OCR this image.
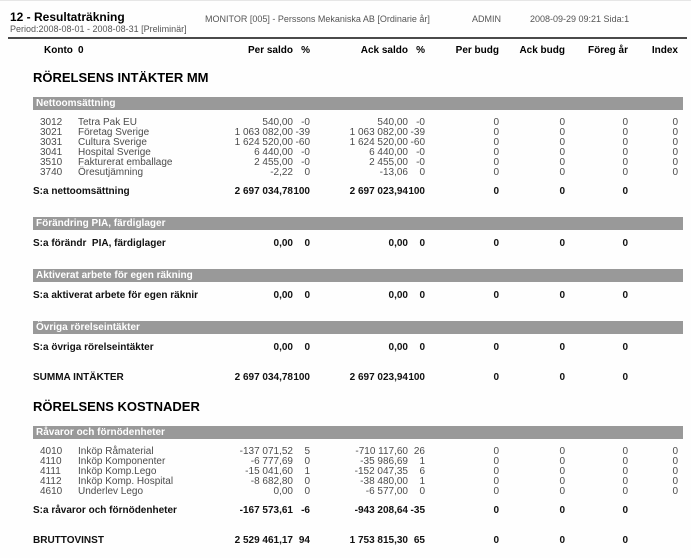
12 - Resultaträkning
Period:2008-08-01 - 2008-08-31 [Preliminär]
MONITOR [005] - Perssons Mekaniska AB [Ordinarie år]	ADMIN	2008-09-29 09:21 Sida:1
Konto 0	Per saldo %	Ack saldo %	Per budg	Ack budg	Föreg år	Index
RÖRELSENS INTÄKTER MM
Nettoomsättning
3012	Tetra Pak EU	540,00 -0	540,00 -0	0	0	0	0
3021	Företag Sverige	1 063 082,00 -39	1 063 082,00 -39	0	0	0	0
3031	Cultura Sverige	1 624 520,00 -60	1 624 520,00 -60	0	0	0	0
3041	Hospital Sverige	6 440,00 -0	6 440,00 -0	0	0	0	0
3510	Fakturerat emballage	2 455,00 -0	2 455,00 -0	0	0	0	0
3740	Öresutjämning	-2,22	0	-13,06	0	0	0	0	0
S:a nettoomsättning	2 697 034,78 100	2 697 023,94 100	0	0	0
Förändring PIA, färdiglager
S:a förändr  PIA, färdiglager	0,00	0	0,00	0	0	0	0
Aktiverat arbete för egen räkning
S:a aktiverat arbete för egen räknir	0,00	0	0,00	0	0	0	0
Övriga rörelseintäkter
S:a övriga rörelseintäkter	0,00	0	0,00	0	0	0	0
SUMMA INTÄKTER	2 697 034,78 100	2 697 023,94 100	0	0	0
RÖRELSENS KOSTNADER
Råvaror och förnödenheter
4010	Inköp Råmaterial	-137 071,52	5	-710 117,60 26	0	0	0	0
4110	Inköp Komponenter	-6 777,69	0	-35 986,69	1	0	0	0	0
4111	Inköp Komp.Lego	-15 041,60	1	-152 047,35	6	0	0	0	0
4112	Inköp Komp. Hospital	-8 682,80	0	-38 480,00	1	0	0	0	0
4610	Underlev Lego	0,00	0	-6 577,00	0	0	0	0	0
S:a råvaror och förnödenheter	-167 573,61 -6	-943 208,64 -35	0	0	0
BRUTTOVINST	2 529 461,17 94	1 753 815,30 65	0	0	0
